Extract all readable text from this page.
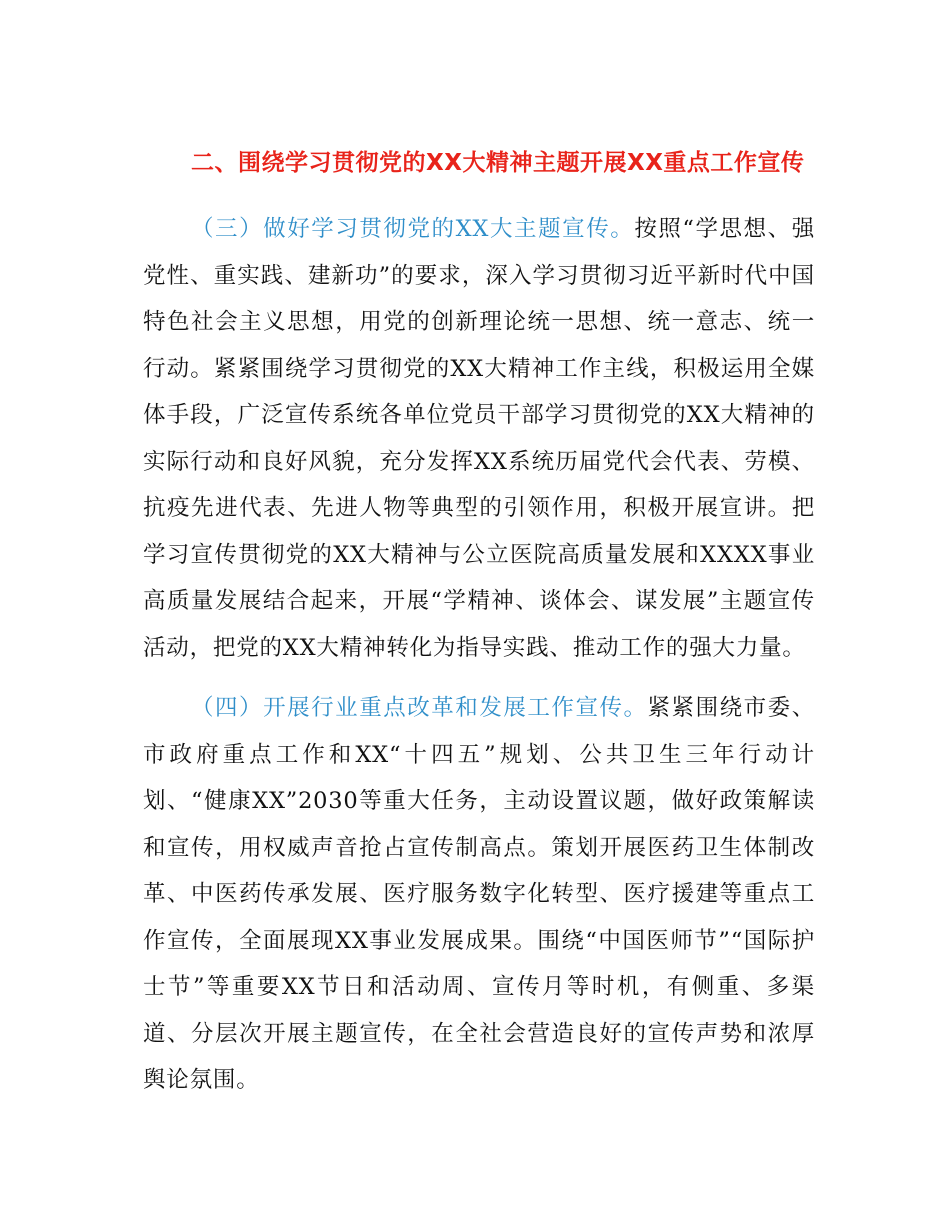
二、围绕学习贯彻党的XX大精神主题开展XX重点工作宣传

（三）做好学习贯彻党的XX大主题宣传。按照“学思想、强党性、重实践、建新功”的要求，深入学习贯彻习近平新时代中国特色社会主义思想，用党的创新理论统一思想、统一意志、统一行动。紧紧围绕学习贯彻党的XX大精神工作主线，积极运用全媒体手段，广泛宣传系统各单位党员干部学习贯彻党的XX大精神的实际行动和良好风貌，充分发挥XX系统历届党代会代表、劳模、抗疫先进代表、先进人物等典型的引领作用，积极开展宣讲。把学习宣传贯彻党的XX大精神与公立医院高质量发展和XXXX事业高质量发展结合起来，开展“学精神、谈体会、谋发展”主题宣传活动，把党的XX大精神转化为指导实践、推动工作的强大力量。

（四）开展行业重点改革和发展工作宣传。紧紧围绕市委、市政府重点工作和XX“十四五”规划、公共卫生三年行动计划、“健康XX”2030等重大任务，主动设置议题，做好政策解读和宣传，用权威声音抢占宣传制高点。策划开展医药卫生体制改革、中医药传承发展、医疗服务数字化转型、医疗援建等重点工作宣传，全面展现XX事业发展成果。围绕“中国医师节”“国际护士节”等重要XX节日和活动周、宣传月等时机，有侧重、多渠道、分层次开展主题宣传，在全社会营造良好的宣传声势和浓厚舆论氛围。
